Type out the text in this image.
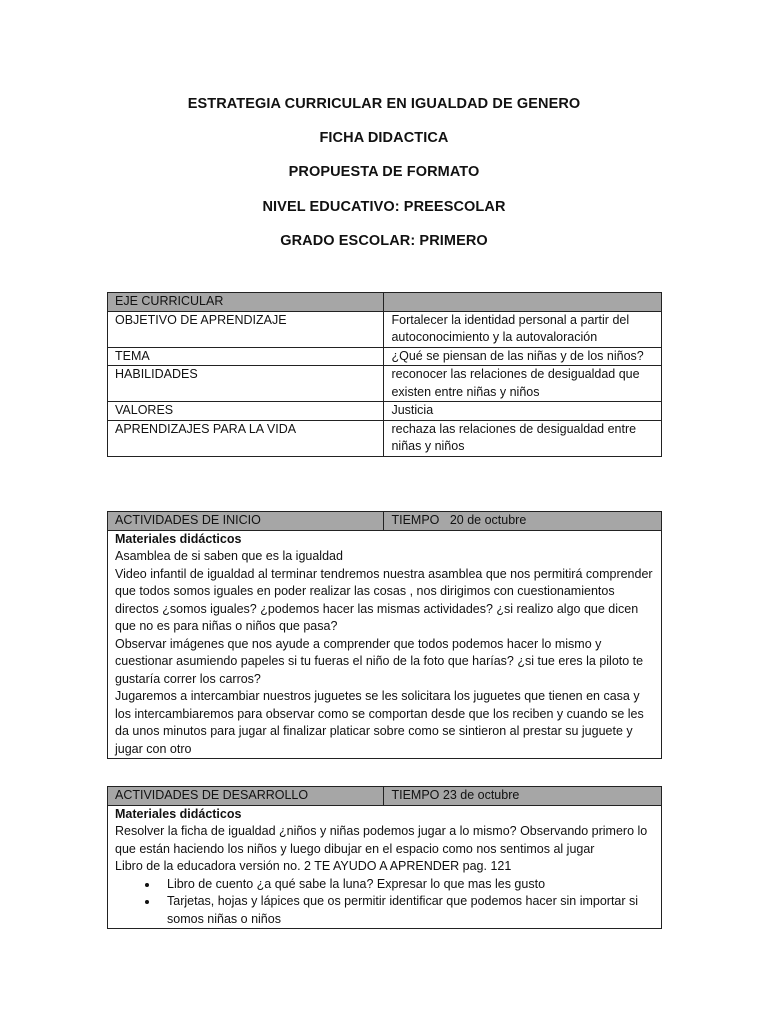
ESTRATEGIA CURRICULAR EN IGUALDAD DE GENERO
FICHA DIDACTICA
PROPUESTA DE FORMATO
NIVEL EDUCATIVO: PREESCOLAR
GRADO ESCOLAR: PRIMERO
EJE CURRICULAR	
OBJETIVO DE APRENDIZAJE	Fortalecer la identidad personal a partir del autoconocimiento y la autovaloración
TEMA	¿Qué se piensan de las niñas y de los niños?
HABILIDADES	reconocer las relaciones de desigualdad que existen entre niñas y niños
VALORES	Justicia
APRENDIZAJES PARA LA VIDA	rechaza las relaciones de desigualdad entre niñas y niños
ACTIVIDADES DE INICIO	TIEMPO   20 de octubre

Materiales didácticos

Asamblea de si saben que es la igualdad

Video infantil de igualdad al terminar tendremos nuestra asamblea que nos permitirá comprender que todos somos iguales en poder realizar las cosas , nos dirigimos con cuestionamientos directos ¿somos iguales? ¿podemos hacer las mismas actividades? ¿si realizo algo que dicen que no es para niñas o niños que pasa?

Observar imágenes que nos ayude a comprender que todos podemos hacer lo mismo y cuestionar asumiendo papeles si tu fueras el niño de la foto que harías? ¿si tue eres la piloto te gustaría correr los carros?

Jugaremos a intercambiar nuestros juguetes se les solicitara los juguetes que tienen en casa y los intercambiaremos para observar como se comportan desde que los reciben y cuando se les da unos minutos para jugar al finalizar platicar sobre como se sintieron al prestar su juguete y jugar con otro

ACTIVIDADES DE DESARROLLO	TIEMPO 23 de octubre

Materiales didácticos

Resolver la ficha de igualdad ¿niños y niñas podemos jugar a lo mismo? Observando primero lo que están haciendo los niños y luego dibujar en el espacio como nos sentimos al jugar

Libro de la educadora versión no. 2 TE AYUDO A APRENDER pag. 121

• Libro de cuento ¿a qué sabe la luna? Expresar lo que mas les gusto
• Tarjetas, hojas y lápices que os permitir identificar que podemos hacer sin importar si somos niñas o niños
